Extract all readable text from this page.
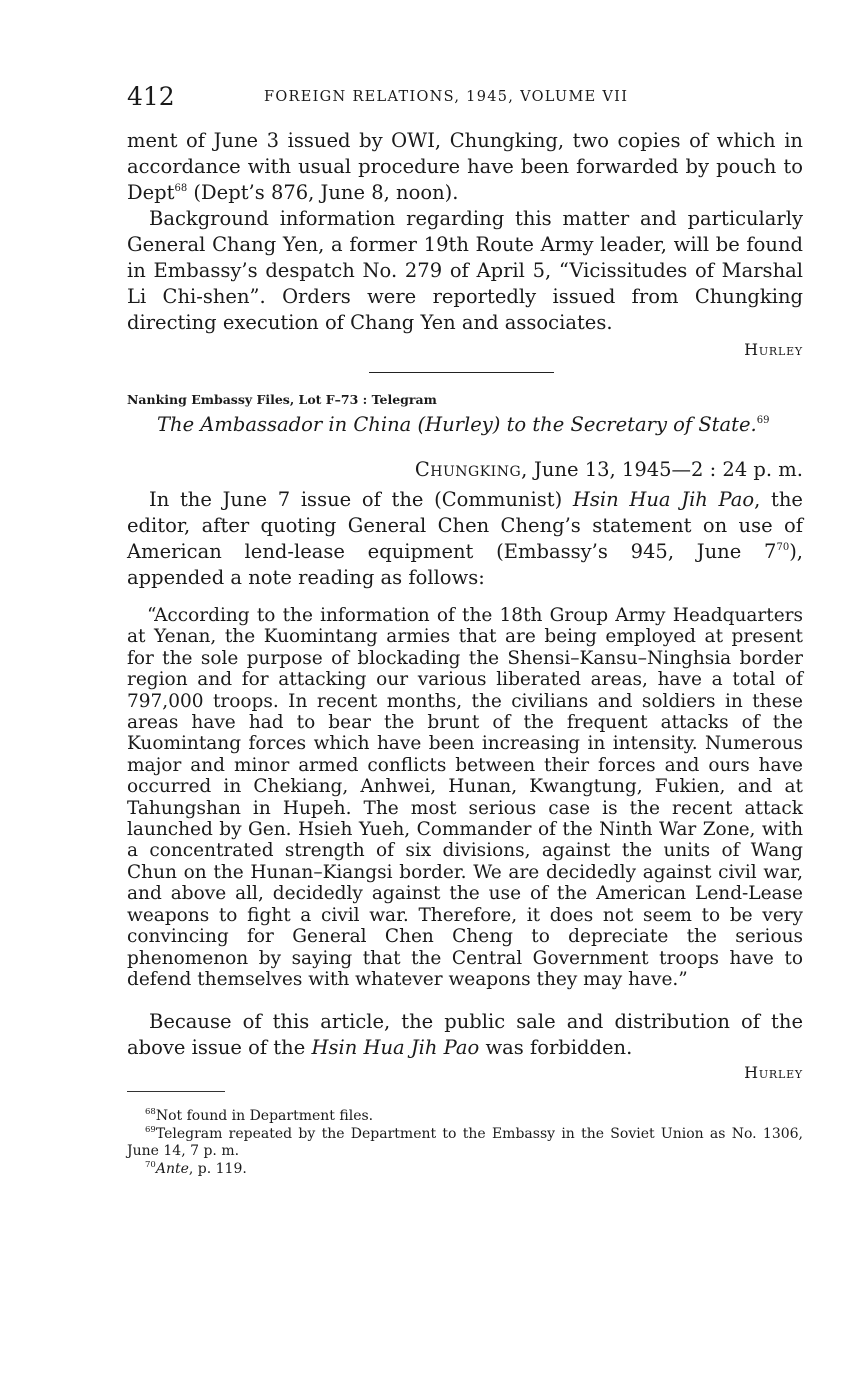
412	FOREIGN RELATIONS, 1945, VOLUME VII

ment of June 3 issued by OWI, Chungking, two copies of which in accordance with usual procedure have been forwarded by pouch to Dept$^{68}$ (Dept’s 876, June 8, noon).

Background information regarding this matter and particularly General Chang Yen, a former 19th Route Army leader, will be found in Embassy’s despatch No. 279 of April 5, “Vicissitudes of Marshal Li Chi-shen”. Orders were reportedly issued from Chungking directing execution of Chang Yen and associates.

Hurley
Nanking Embassy Files, Lot F–73 : Telegram
The Ambassador in China (Hurley) to the Secretary of State.$^{69}$
Chungking, June 13, 1945—2 : 24 p. m.

In the June 7 issue of the (Communist) Hsin Hua Jih Pao, the editor, after quoting General Chen Cheng’s statement on use of American lend-lease equipment (Embassy’s 945, June $7^{70}$), appended a note reading as follows:

“According to the information of the 18th Group Army Headquarters at Yenan, the Kuomintang armies that are being employed at present for the sole purpose of blockading the Shensi–Kansu–Ninghsia border region and for attacking our various liberated areas, have a total of 797,000 troops. In recent months, the civilians and soldiers in these areas have had to bear the brunt of the frequent attacks of the Kuomintang forces which have been increasing in intensity. Numerous major and minor armed conflicts between their forces and ours have occurred in Chekiang, Anhwei, Hunan, Kwangtung, Fukien, and at Tahungshan in Hupeh. The most serious case is the recent attack launched by Gen. Hsieh Yueh, Commander of the Ninth War Zone, with a concentrated strength of six divisions, against the units of Wang Chun on the Hunan–Kiangsi border. We are decidedly against civil war, and above all, decidedly against the use of the American Lend-Lease weapons to fight a civil war. Therefore, it does not seem to be very convincing for General Chen Cheng to depreciate the serious phenomenon by saying that the Central Government troops have to defend themselves with whatever weapons they may have.”

Because of this article, the public sale and distribution of the above issue of the Hsin Hua Jih Pao was forbidden.

Hurley

$^{68}$Not found in Department files.

$^{69}$Telegram repeated by the Department to the Embassy in the Soviet Union as No. 1306, June 14, 7 p. m.

$^{70}$Ante, p. 119.
